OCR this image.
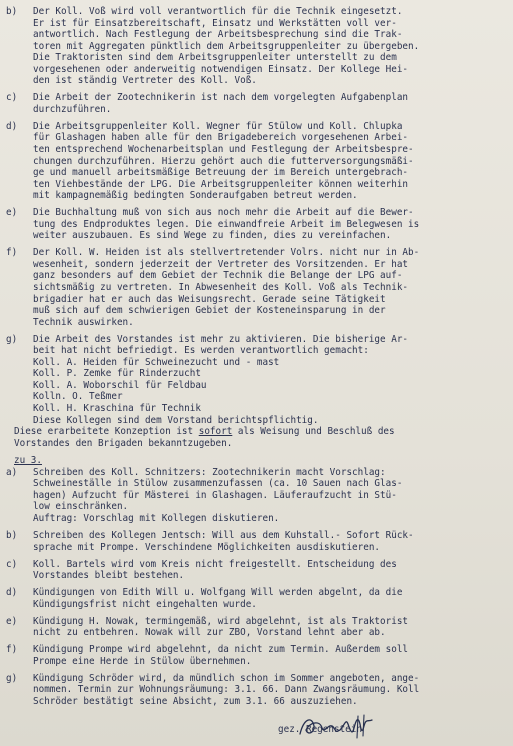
b)	Der Koll. Voß wird voll verantwortlich für die Technik eingesetzt.
Er ist für Einsatzbereitschaft, Einsatz und Werkstätten voll ver-
antwortlich. Nach Festlegung der Arbeitsbesprechung sind die Trak-
toren mit Aggregaten pünktlich dem Arbeitsgruppenleiter zu übergeben.
Die Traktoristen sind dem Arbeitsgruppenleiter unterstellt zu dem
vorgesehenen oder anderweitig notwendigen Einsatz. Der Kollege Hei-
den ist ständig Vertreter des Koll. Voß.
c)	Die Arbeit der Zootechnikerin ist nach dem vorgelegten Aufgabenplan
durchzuführen.
d)	Die Arbeitsgruppenleiter Koll. Wegner für Stülow und Koll. Chlupka
für Glashagen haben alle für den Brigadebereich vorgesehenen Arbei-
ten entsprechend Wochenarbeitsplan und Festlegung der Arbeitsbespre-
chungen durchzuführen. Hierzu gehört auch die futterversorgungsmäßi-
ge und manuell arbeitsmäßige Betreuung der im Bereich untergebrach-
ten Viehbestände der LPG. Die Arbeitsgruppenleiter können weiterhin
mit kampagnemäßig bedingten Sonderaufgaben betreut werden.
e)	Die Buchhaltung muß von sich aus noch mehr die Arbeit auf die Bewer-
tung des Endproduktes legen. Die einwandfreie Arbeit im Belegwesen is
weiter auszubauen. Es sind Wege zu finden, dies zu vereinfachen.
f)	Der Koll. W. Heiden ist als stellvertretender Volrs. nicht nur in Ab-
wesenheit, sondern jederzeit der Vertreter des Vorsitzenden. Er hat
ganz besonders auf dem Gebiet der Technik die Belange der LPG auf-
sichtsmäßig zu vertreten. In Abwesenheit des Koll. Voß als Technik-
brigadier hat er auch das Weisungsrecht. Gerade seine Tätigkeit
muß sich auf dem schwierigen Gebiet der Kosteneinsparung in der
Technik auswirken.
g)	Die Arbeit des Vorstandes ist mehr zu aktivieren. Die bisherige Ar-
beit hat nicht befriedigt. Es werden verantwortlich gemacht:
Koll. A. Heiden für Schweinezucht und - mast
Koll. P. Zemke für Rinderzucht
Koll. A. Woborschil für Feldbau
Kolln. O. Teßmer
Koll. H. Kraschina für Technik
Diese Kollegen sind dem Vorstand berichtspflichtig.
Diese erarbeitete Konzeption ist sofort als Weisung und Beschluß des
Vorstandes den Brigaden bekanntzugeben.
zu 3.
a)	Schreiben des Koll. Schnitzers: Zootechnikerin macht Vorschlag:
Schweineställe in Stülow zusammenzufassen (ca. 10 Sauen nach Glas-
hagen) Aufzucht für Mästerei in Glashagen. Läuferaufzucht in Stü-
low einschränken.
Auftrag: Vorschlag mit Kollegen diskutieren.
b)	Schreiben des Kollegen Jentsch: Will aus dem Kuhstall.- Sofort Rück-
sprache mit Prompe. Verschindene Möglichkeiten ausdiskutieren.
c)	Koll. Bartels wird vom Kreis nicht freigestellt. Entscheidung des
Vorstandes bleibt bestehen.
d)	Kündigungen von Edith Will u. Wolfgang Will werden abgelnt, da die
Kündigungsfrist nicht eingehalten wurde.
e)	Kündigung H. Nowak, termingemäß, wird abgelehnt, ist als Traktorist
nicht zu entbehren. Nowak will zur ZBO, Vorstand lehnt aber ab.
f)	Kündigung Prompe wird abgelehnt, da nicht zum Termin. Außerdem soll
Prompe eine Herde in Stülow übernehmen.
g)	Kündigung Schröder wird, da mündlich schon im Sommer angeboten, ange-
nommen. Termin zur Wohnungsräumung: 3.1. 66. Dann Zwangsräumung. Koll
Schröder bestätigt seine Absicht, zum 3.1. 66 auszuziehen.
gez. Regenstein
